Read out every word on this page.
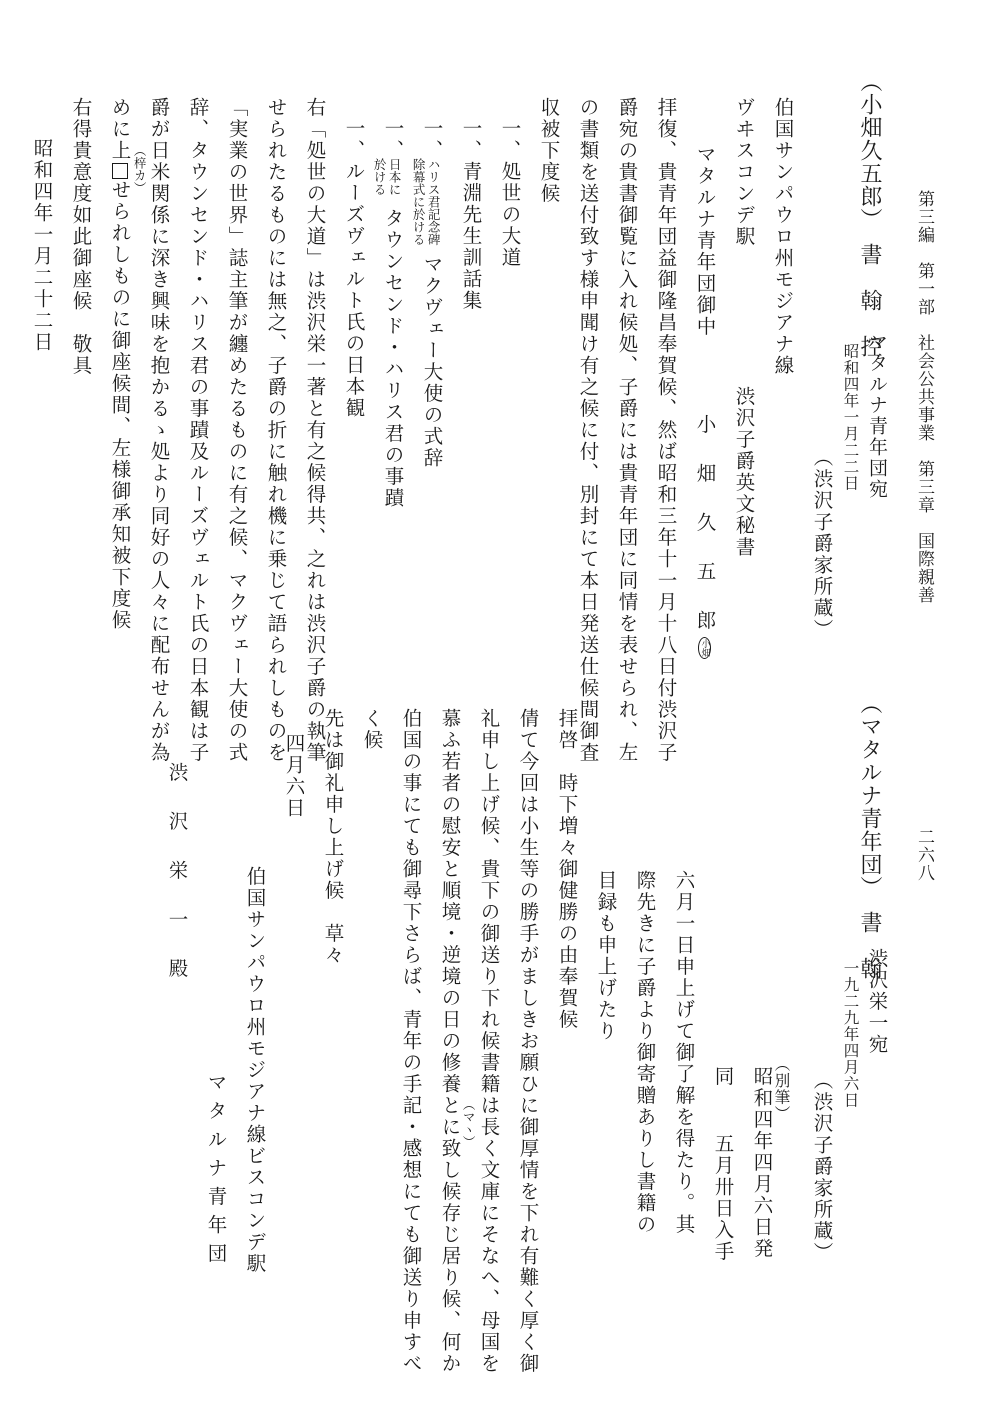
第三編　第一部　社会公共事業　第三章　国際親善
二六八
（小畑久五郎）　書　翰　控
マタルナ青年団宛
昭和四年一月二二日
（渋沢子爵家所蔵）
伯国サンパウロ州モジアナ線
ヴヰスコンデ駅
マタルナ青年団御中
渋沢子爵英文秘書
小　畑　久　五　郎小畑
拝復、貴青年団益御隆昌奉賀候、然ば昭和三年十一月十八日付渋沢子
爵宛の貴書御覧に入れ候処、子爵には貴青年団に同情を表せられ、左
の書類を送付致す様申聞け有之候に付、別封にて本日発送仕候間御査
収被下度候
一、処世の大道
一、青淵先生訓話集
一、
ハリス君記念碑
除幕式に於ける
マクヴェー大使の式辞
一、
日本に
於ける
タウンセンド・ハリス君の事蹟
一、ルーズヴェルト氏の日本観
右「処世の大道」は渋沢栄一著と有之候得共、之れは渋沢子爵の執筆
せられたるものには無之、子爵の折に触れ機に乗じて語られしものを
「実業の世界」誌主筆が纏めたるものに有之候、マクヴェー大使の式
辞、タウンセンド・ハリス君の事蹟及ルーズヴェルト氏の日本観は子
爵が日米関係に深き興味を抱かるゝ処より同好の人々に配布せんが為
めに上せられしものに御座候間、左様御承知被下度候
（梓カ）
右得貴意度如此御座候　敬具
昭和四年一月二十二日
（マタルナ青年団）　書　翰
渋沢栄一宛
一九二九年四月六日
（渋沢子爵家所蔵）
（別筆）
昭和四年四月六日発
同五月卅日入手
六月一日申上げて御了解を得たり。其
際先きに子爵より御寄贈ありし書籍の
目録も申上げたり
拝啓　時下増々御健勝の由奉賀候
倩て今回は小生等の勝手がましきお願ひに御厚情を下れ有難く厚く御
礼申し上げ候、貴下の御送り下れ候書籍は長く文庫にそなへ、母国を
慕ふ若者の慰安と順境・逆境の日の修養とに致し候存じ居り候、何か
（マヽ）
伯国の事にても御尋下さらば、青年の手記・感想にても御送り申すべ
く候
先は御礼申し上げ候　草々
四月六日
伯国サンパウロ州モジアナ線ビスコンデ駅
マタルナ青年団
渋　沢　栄　一　殿
